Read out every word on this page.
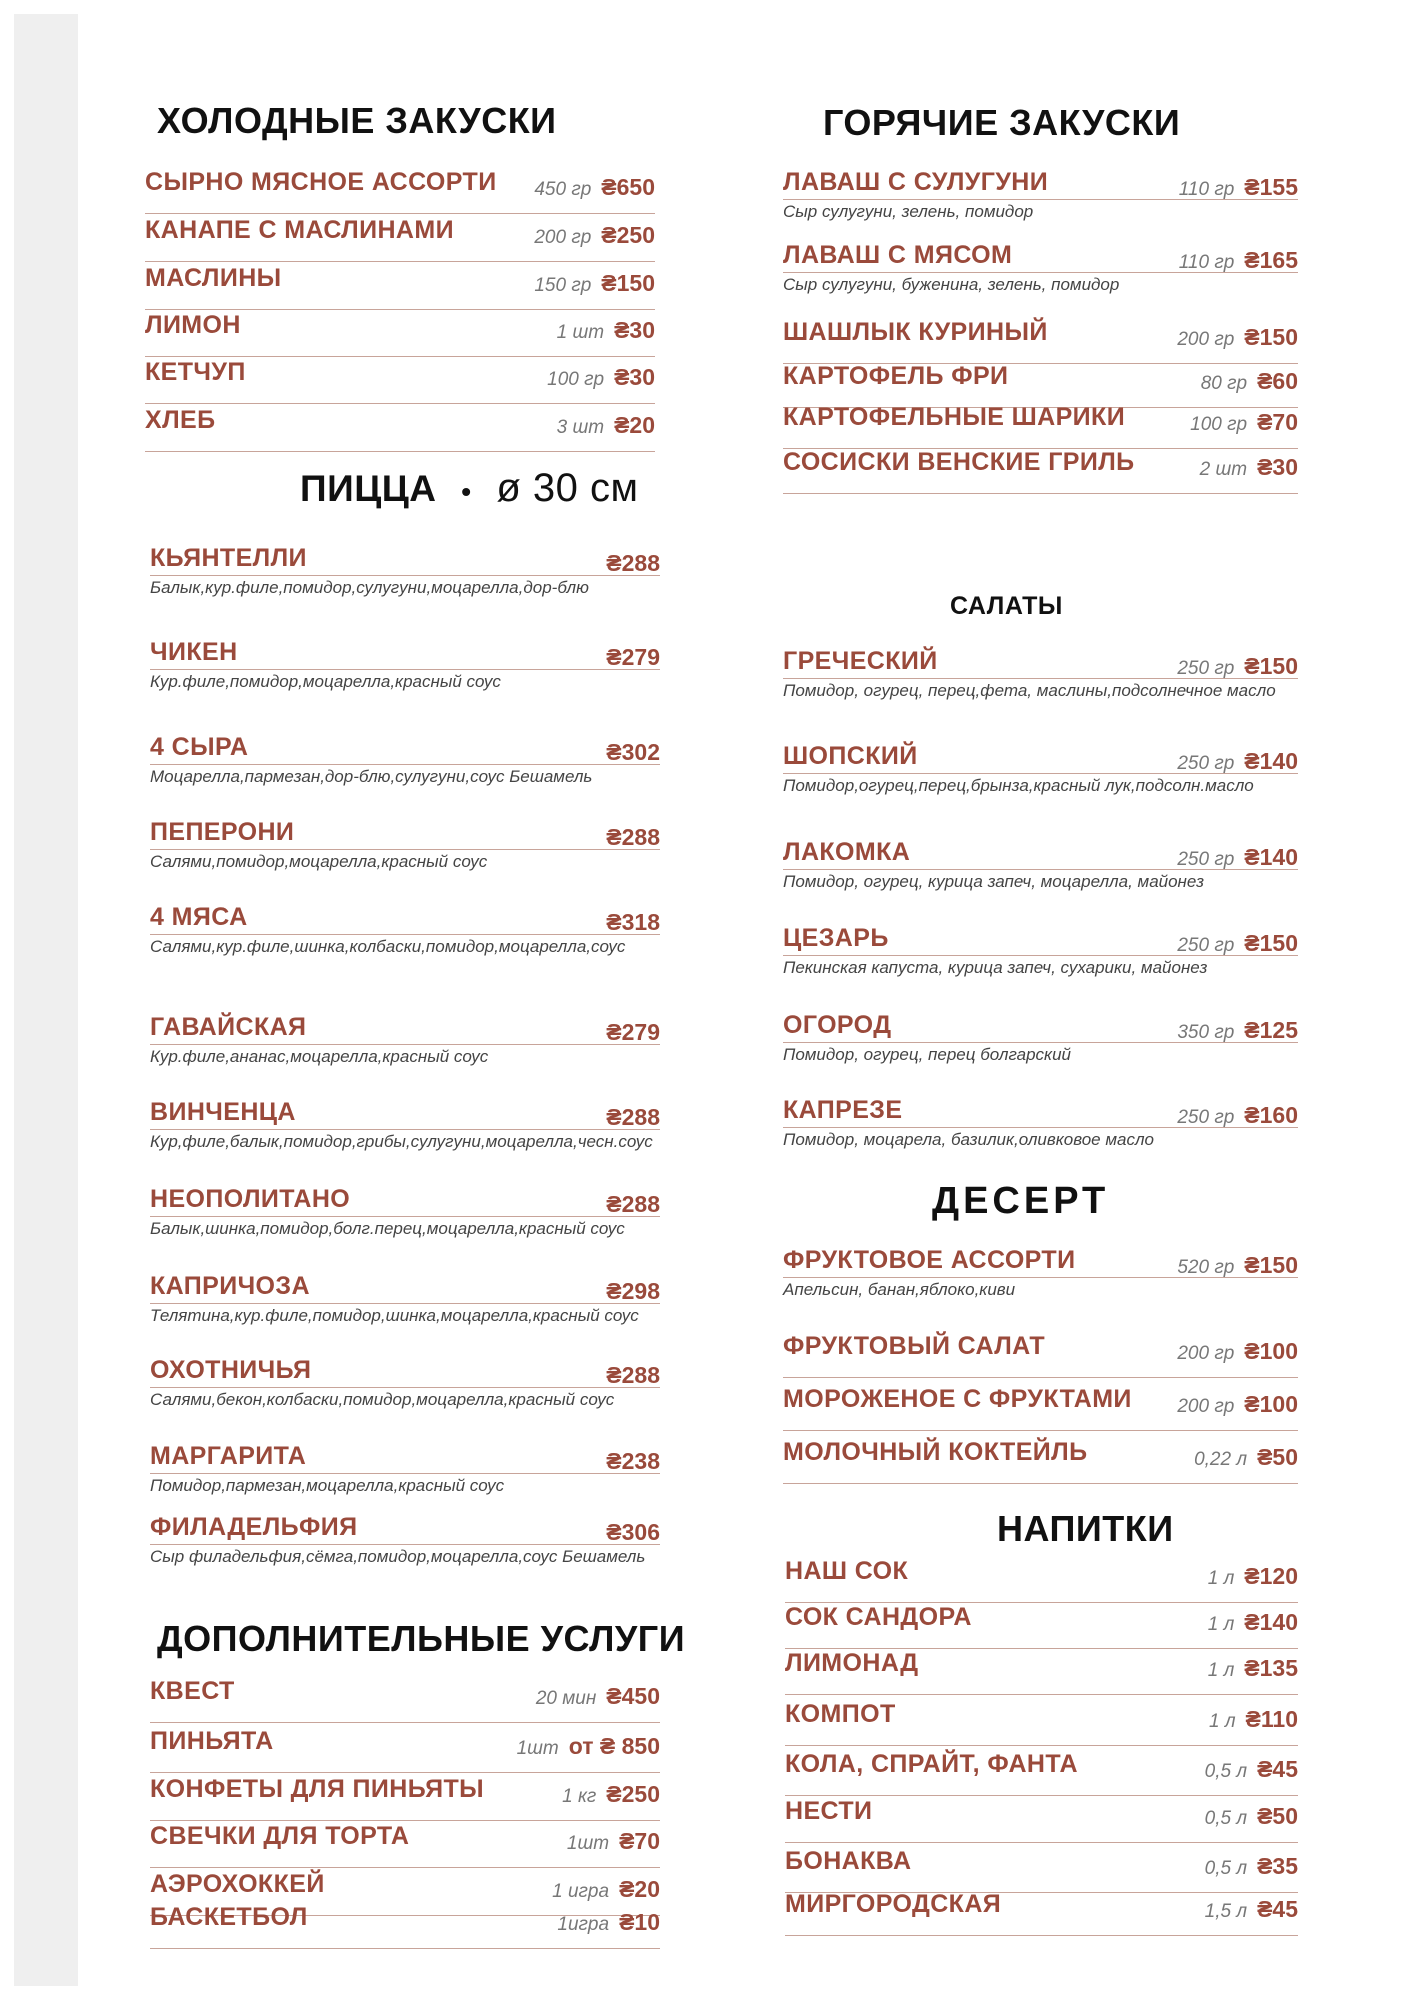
ХОЛОДНЫЕ ЗАКУСКИ	ГОРЯЧИЕ ЗАКУСКИ
ПИЦЦА • ø 30 см
САЛАТЫ
ДЕСЕРТ
НАПИТКИ
ДОПОЛНИТЕЛЬНЫЕ УСЛУГИ
СЫРНО МЯСНОЕ АССОРТИ 450 гр ₴650
КАНАПЕ С МАСЛИНАМИ	200 гр ₴250
МАСЛИНЫ	150 гр ₴150
ЛИМОН	1 шт ₴30
КЕТЧУП	100 гр ₴30
ХЛЕБ	3 шт ₴20
ЛАВАШ С СУЛУГУНИ	110 гр ₴155
Сыр сулугуни, зелень, помидор
ЛАВАШ С МЯСОМ	110 гр ₴165
Сыр сулугуни, буженина, зелень, помидор
ШАШЛЫК КУРИНЫЙ	200 гр ₴150
КАРТОФЕЛЬ ФРИ	80 гр ₴60
КАРТОФЕЛЬНЫЕ ШАРИКИ	100 гр ₴70
СОСИСКИ ВЕНСКИЕ ГРИЛЬ	2 шт ₴30
КЬЯНТЕЛЛИ	₴288
Балык,кур.филе,помидор,сулугуни,моцарелла,дор-блю
ЧИКЕН	₴279
Кур.филе,помидор,моцарелла,красный соус
4 СЫРА	₴302
Моцарелла,пармезан,дор-блю,сулугуни,соус Бешамель
ПЕПЕРОНИ	₴288
Салями,помидор,моцарелла,красный соус
4 МЯСА	₴318
Салями,кур.филе,шинка,колбаски,помидор,моцарелла,соус
ГАВАЙСКАЯ	₴279
Кур.филе,ананас,моцарелла,красный соус
ВИНЧЕНЦА	₴288
Кур,филе,балык,помидор,грибы,сулугуни,моцарелла,чесн.соус
НЕОПОЛИТАНО	₴288
Балык,шинка,помидор,болг.перец,моцарелла,красный соус
КАПРИЧОЗА	₴298
Телятина,кур.филе,помидор,шинка,моцарелла,красный соус
ОХОТНИЧЬЯ	₴288
Салями,бекон,колбаски,помидор,моцарелла,красный соус
МАРГАРИТА	₴238
Помидор,пармезан,моцарелла,красный соус
ФИЛАДЕЛЬФИЯ	₴306
Сыр филадельфия,сёмга,помидор,моцарелла,соус Бешамель
ГРЕЧЕСКИЙ	250 гр ₴150
Помидор, огурец, перец,фета, маслины,подсолнечное масло
ШОПСКИЙ	250 гр ₴140
Помидор,огурец,перец,брынза,красный лук,подсолн.масло
ЛАКОМКА	250 гр ₴140
Помидор, огурец, курица запеч, моцарелла, майонез
ЦЕЗАРЬ	250 гр ₴150
Пекинская капуста, курица запеч, сухарики, майонез
ОГОРОД	350 гр ₴125
Помидор, огурец, перец болгарский
КАПРЕЗЕ	250 гр ₴160
Помидор, моцарела, базилик,оливковое масло
ФРУКТОВОЕ АССОРТИ	520 гр ₴150
Апельсин, банан,яблоко,киви
ФРУКТОВЫЙ САЛАТ	200 гр ₴100
МОРОЖЕНОЕ С ФРУКТАМИ 200 гр ₴100
МОЛОЧНЫЙ КОКТЕЙЛЬ	0,22 л ₴50
НАШ СОК	1 л ₴120
СОК САНДОРА	1 л ₴140
ЛИМОНАД	1 л ₴135
КОМПОТ	1 л ₴110
КОЛА, СПРАЙТ, ФАНТА	0,5 л ₴45
НЕСТИ	0,5 л ₴50
БОНАКВА	0,5 л ₴35
МИРГОРОДСКАЯ	1,5 л ₴45
КВЕСТ	20 мин ₴450
ПИНЬЯТА	1шт от ₴ 850
КОНФЕТЫ ДЛЯ ПИНЬЯТЫ	1 кг ₴250
СВЕЧКИ ДЛЯ ТОРТА	1шт ₴70
АЭРОХОККЕЙ	1 игра ₴20
БАСКЕТБОЛ	1игра ₴10
